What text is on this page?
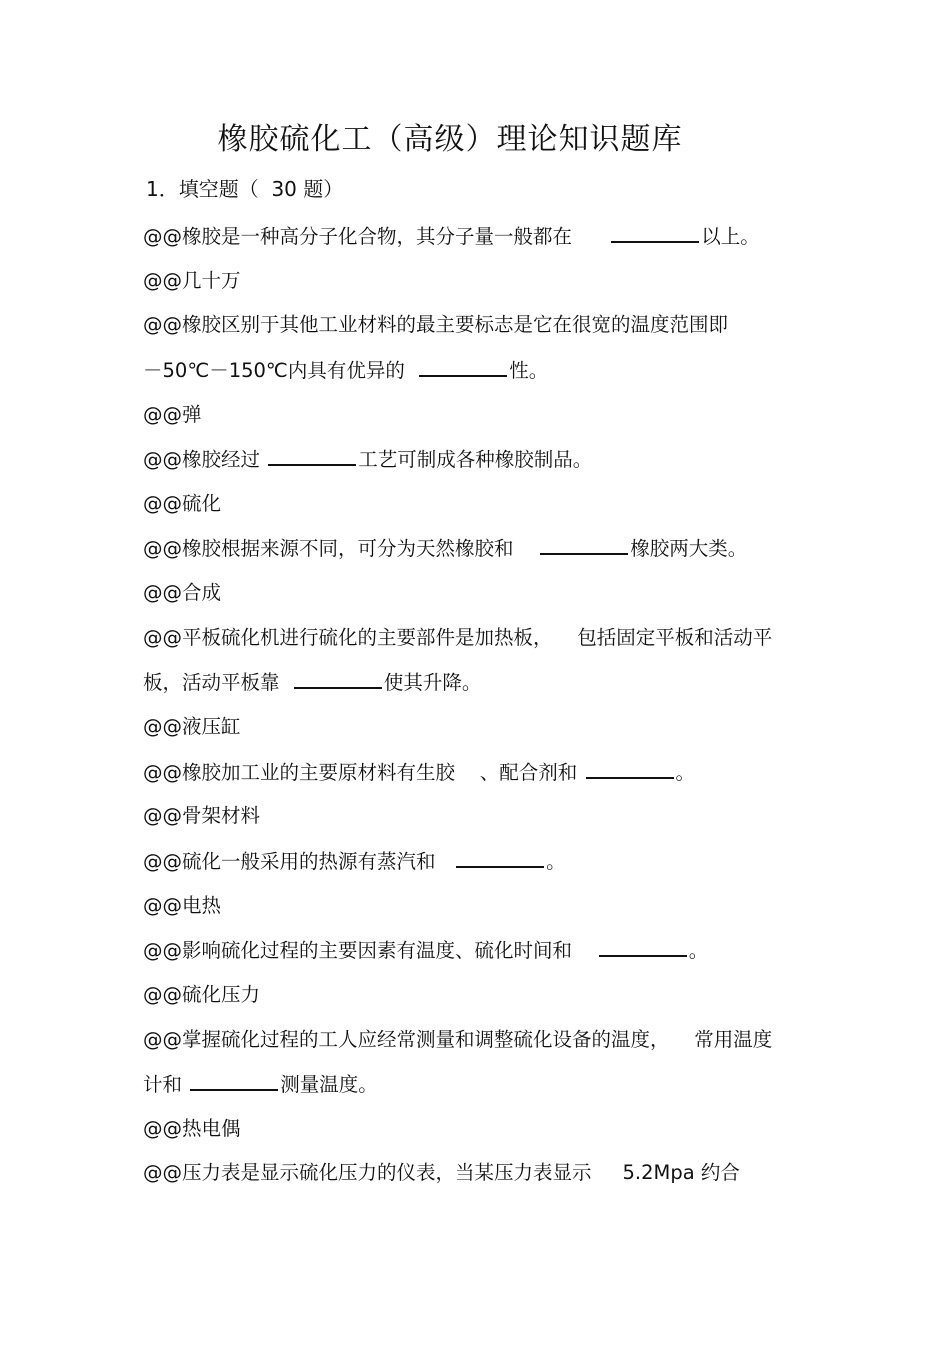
橡胶硫化工（高级）理论知识题库
1．填空题（  30 题）
@@橡胶是一种高分子化合物，其分子量一般都在	以上。
@@几十万
@@橡胶区别于其他工业材料的最主要标志是它在很宽的温度范围即
－50℃－150℃内具有优异的	性。
@@弹
@@橡胶经过	工艺可制成各种橡胶制品。
@@硫化
@@橡胶根据来源不同，可分为天然橡胶和	橡胶两大类。
@@合成
@@平板硫化机进行硫化的主要部件是加热板，    包括固定平板和活动平
板，活动平板靠	使其升降。
@@液压缸
@@橡胶加工业的主要原材料有生胶    、配合剂和	。
@@骨架材料
@@硫化一般采用的热源有蒸汽和	。
@@电热
@@影响硫化过程的主要因素有温度、硫化时间和	。
@@硫化压力
@@掌握硫化过程的工人应经常测量和调整硫化设备的温度，    常用温度
计和	测量温度。
@@热电偶
@@压力表是显示硫化压力的仪表，当某压力表显示     5.2Mpa 约合
